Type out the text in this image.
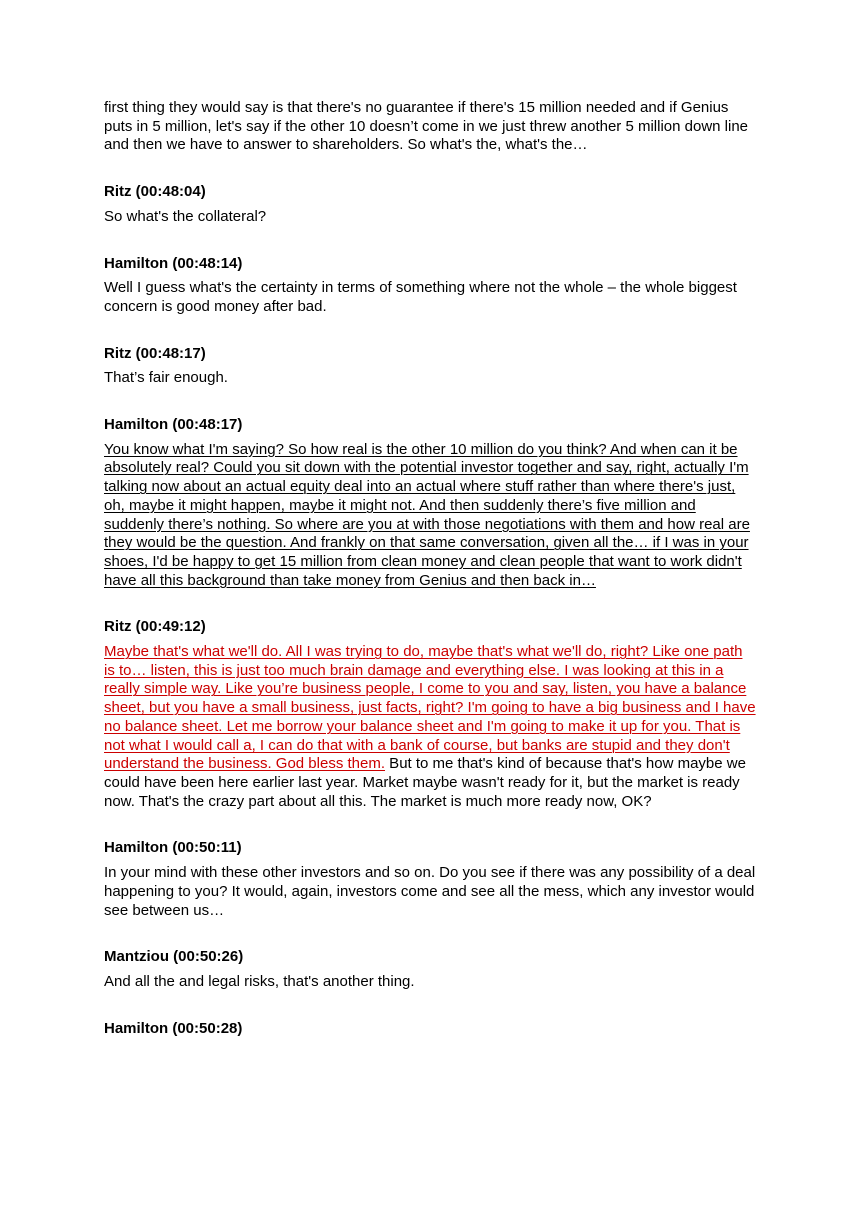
first thing they would say is that there's no guarantee if there's 15 million needed and if Genius puts in 5 million, let's say if the other 10 doesn’t come in we just threw another 5 million down line and then we have to answer to shareholders. So what's the, what's the…

Ritz (00:48:04)

So what's the collateral?

Hamilton (00:48:14)

Well I guess what's the certainty in terms of something where not the whole – the whole biggest concern is good money after bad.

Ritz (00:48:17)

That’s fair enough.

Hamilton (00:48:17)

You know what I'm saying? So how real is the other 10 million do you think? And when can it be absolutely real? Could you sit down with the potential investor together and say, right, actually I'm talking now about an actual equity deal into an actual where stuff rather than where there's just, oh, maybe it might happen, maybe it might not. And then suddenly there’s five million and suddenly there’s nothing. So where are you at with those negotiations with them and how real are they would be the question. And frankly on that same conversation, given all the… if I was in your shoes, I'd be happy to get 15 million from clean money and clean people that want to work didn't have all this background than take money from Genius and then back in…

Ritz (00:49:12)

Maybe that's what we'll do. All I was trying to do, maybe that's what we'll do, right? Like one path is to… listen, this is just too much brain damage and everything else. I was looking at this in a really simple way. Like you’re business people, I come to you and say, listen, you have a balance sheet, but you have a small business, just facts, right? I'm going to have a big business and I have no balance sheet. Let me borrow your balance sheet and I'm going to make it up for you. That is not what I would call a, I can do that with a bank of course, but banks are stupid and they don't understand the business. God bless them. But to me that's kind of because that's how maybe we could have been here earlier last year. Market maybe wasn't ready for it, but the market is ready now. That's the crazy part about all this. The market is much more ready now, OK?

Hamilton (00:50:11)

In your mind with these other investors and so on. Do you see if there was any possibility of a deal happening to you? It would, again, investors come and see all the mess, which any investor would see between us…

Mantziou (00:50:26)

And all the and legal risks, that's another thing.

Hamilton (00:50:28)
